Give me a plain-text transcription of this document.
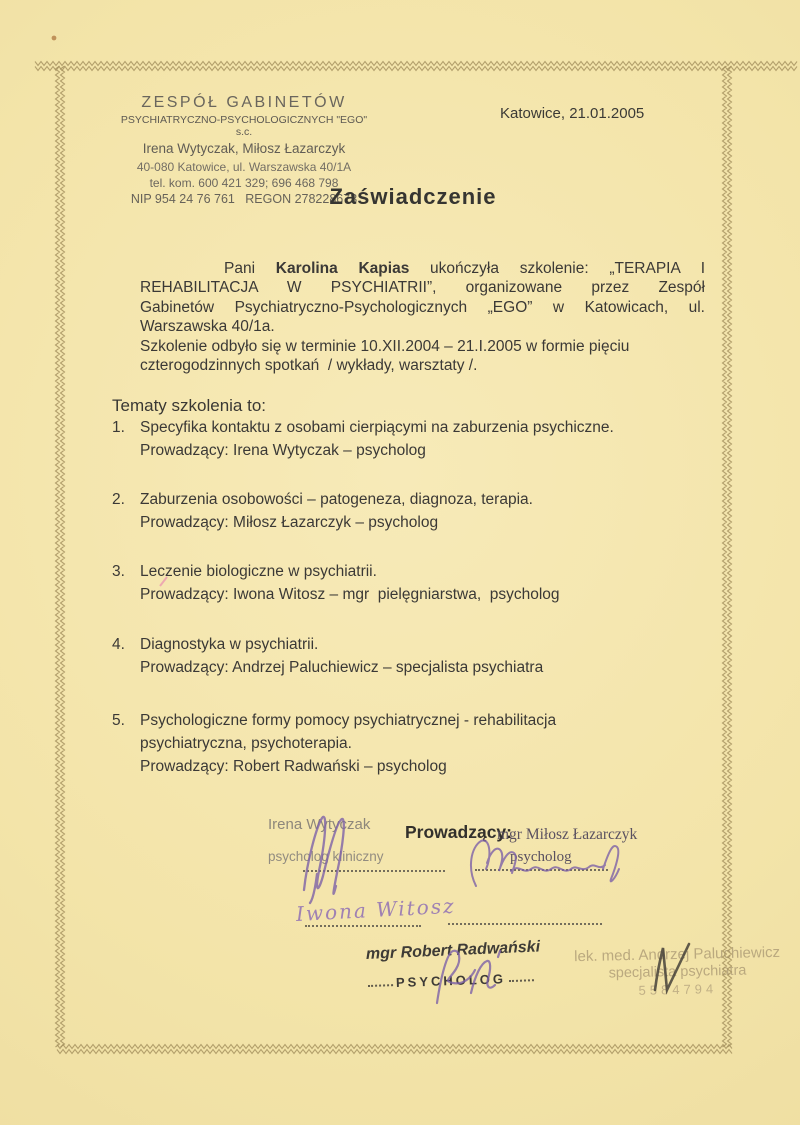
ZESPÓŁ GABINETÓW
PSYCHIATRYCZNO-PSYCHOLOGICZNYCH "EGO" s.c.
Irena Wytyczak, Miłosz Łazarczyk
40-080 Katowice, ul. Warszawska 40/1A
tel. kom. 600 421 329; 696 468 798
NIP 954 24 76 761   REGON 278228673
Katowice, 21.01.2005
Zaświadczenie
Pani Karolina Kapias ukończyła szkolenie: „TERAPIA I
REHABILITACJA W PSYCHIATRII”, organizowane przez Zespół
Gabinetów Psychiatryczno-Psychologicznych „EGO” w Katowicach, ul.
Warszawska 40/1a.
Szkolenie odbyło się w terminie 10.XII.2004 – 21.I.2005 w formie pięciu
czterogodzinnych spotkań  / wykłady, warsztaty /.
Tematy szkolenia to:
1. Specyfika kontaktu z osobami cierpiącymi na zaburzenia psychiczne.
Prowadzący: Irena Wytyczak – psycholog
2. Zaburzenia osobowości – patogeneza, diagnoza, terapia.
Prowadzący: Miłosz Łazarczyk – psycholog
3. Leczenie biologiczne w psychiatrii.
Prowadzący: Iwona Witosz – mgr  pielęgniarstwa,  psycholog
4. Diagnostyka w psychiatrii.
Prowadzący: Andrzej Paluchiewicz – specjalista psychiatra
5. Psychologiczne formy pomocy psychiatrycznej - rehabilitacja
psychiatryczna, psychoterapia.
Prowadzący: Robert Radwański – psycholog
Irena Wytyczak
psycholog kliniczny
Prowadzący:
mgr Miłosz Łazarczyk
psycholog
Iwona Witosz
mgr Robert Radwański
PSYCHOLOG
lek. med. Andrzej Paluchiewicz
specjalista psychiatra
5584794
